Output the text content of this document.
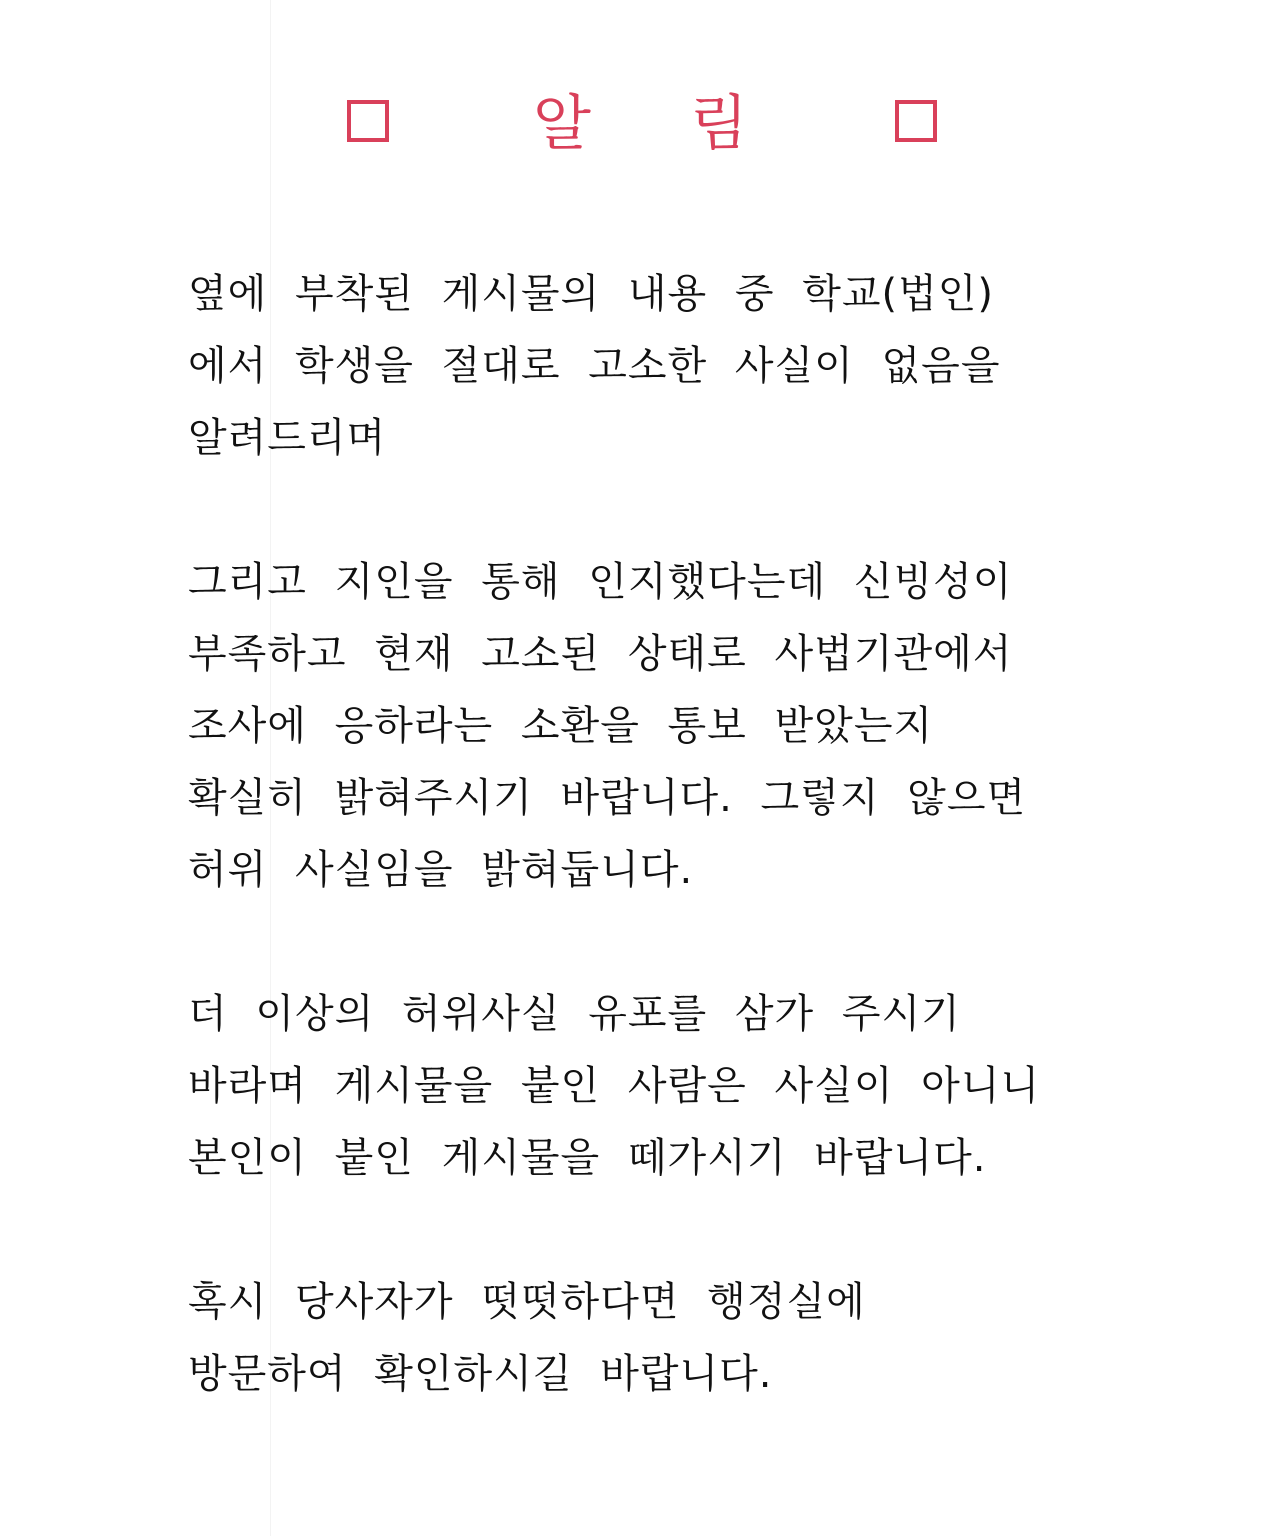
알 림
옆에 부착된 게시물의 내용 중 학교(법인)
에서 학생을 절대로 고소한 사실이 없음을
알려드리며
그리고 지인을 통해 인지했다는데 신빙성이
부족하고 현재 고소된 상태로 사법기관에서
조사에 응하라는 소환을 통보 받았는지
확실히 밝혀주시기 바랍니다. 그렇지 않으면
허위 사실임을 밝혀둡니다.
더 이상의 허위사실 유포를 삼가 주시기
바라며 게시물을 붙인 사람은 사실이 아니니
본인이 붙인 게시물을 떼가시기 바랍니다.
혹시 당사자가 떳떳하다면 행정실에
방문하여 확인하시길 바랍니다.
